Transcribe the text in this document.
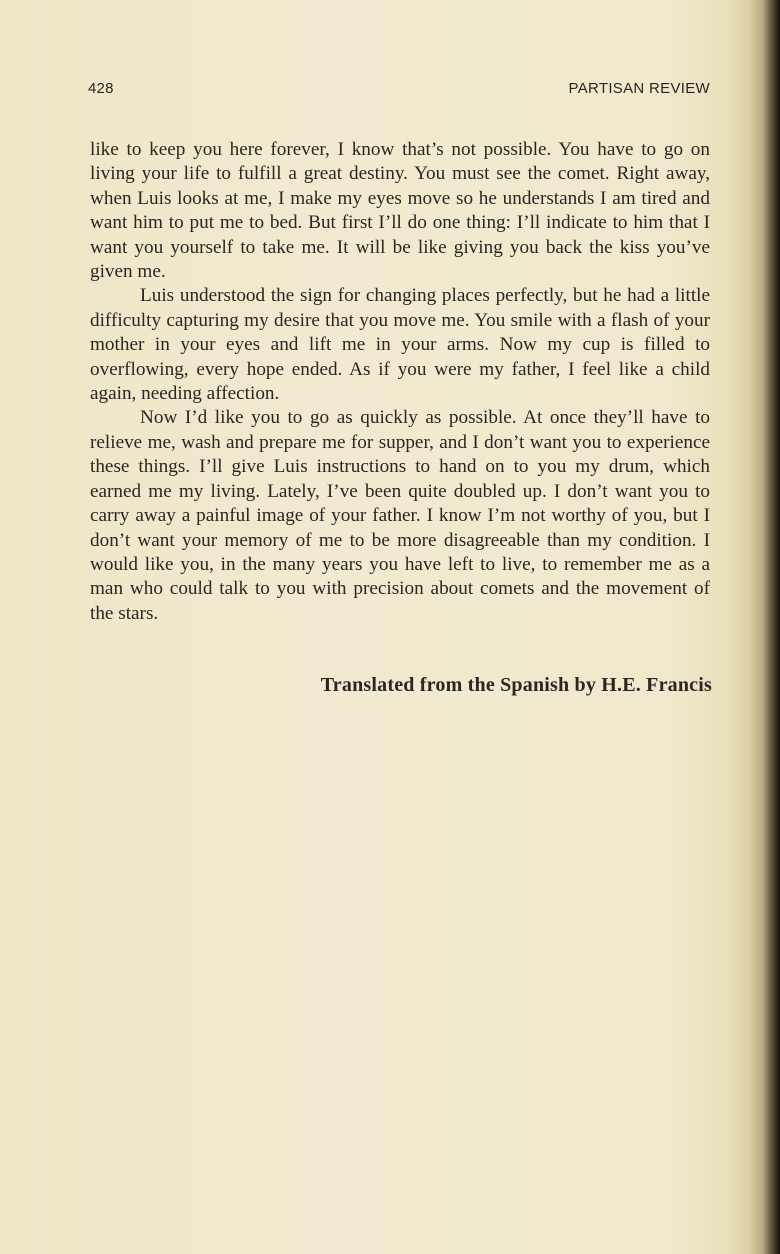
428	PARTISAN REVIEW

like to keep you here forever, I know that’s not possible. You have to go on living your life to fulfill a great destiny. You must see the comet. Right away, when Luis looks at me, I make my eyes move so he understands I am tired and want him to put me to bed. But first I’ll do one thing: I’ll indicate to him that I want you yourself to take me. It will be like giving you back the kiss you’ve given me.

Luis understood the sign for changing places perfectly, but he had a little difficulty capturing my desire that you move me. You smile with a flash of your mother in your eyes and lift me in your arms. Now my cup is filled to overflowing, every hope ended. As if you were my father, I feel like a child again, needing affection.

Now I’d like you to go as quickly as possible. At once they’ll have to relieve me, wash and prepare me for supper, and I don’t want you to experience these things. I’ll give Luis instructions to hand on to you my drum, which earned me my living. Lately, I’ve been quite doubled up. I don’t want you to carry away a painful image of your father. I know I’m not worthy of you, but I don’t want your memory of me to be more disagreeable than my condition. I would like you, in the many years you have left to live, to remember me as a man who could talk to you with precision about comets and the movement of the stars.

Translated from the Spanish by H.E. Francis
